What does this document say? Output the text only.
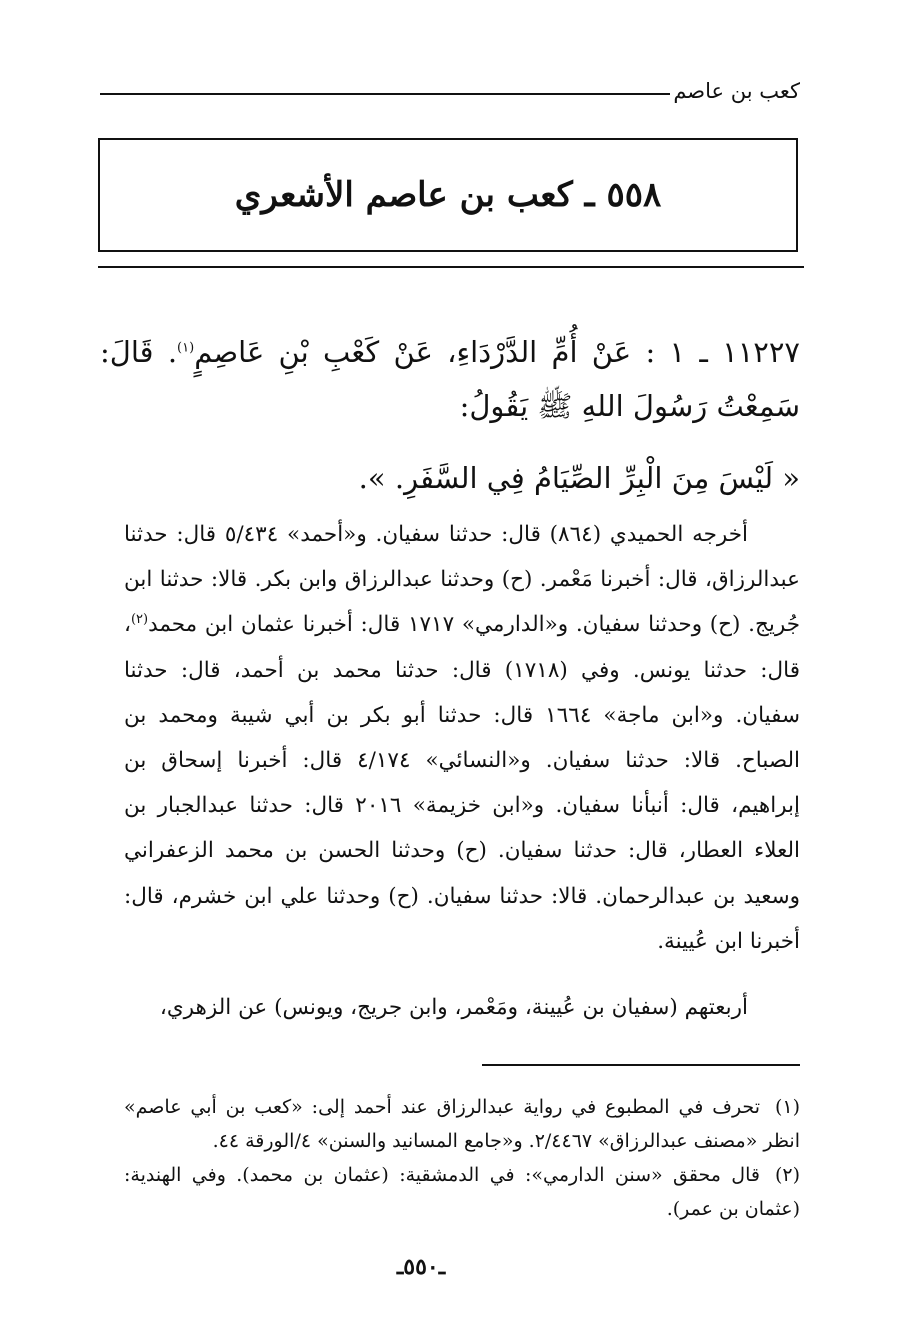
كعب بن عاصم
٥٥٨ ـ كعب بن عاصم الأشعري
١١٢٢٧ ـ ١ : عَنْ أُمِّ الدَّرْدَاءِ، عَنْ كَعْبِ بْنِ عَاصِمٍ$^{(١)}$. قَالَ:
سَمِعْتُ رَسُولَ اللهِ ﷺ يَقُولُ:
« لَيْسَ مِنَ الْبِرِّ الصِّيَامُ فِي السَّفَرِ. ».

أخرجه الحميدي (٨٦٤) قال: حدثنا سفيان. و«أحمد» ٥/٤٣٤ قال: حدثنا عبدالرزاق، قال: أخبرنا مَعْمر. (ح) وحدثنا عبدالرزاق وابن بكر. قالا: حدثنا ابن جُريج. (ح) وحدثنا سفيان. و«الدارمي» ١٧١٧ قال: أخبرنا عثمان ابن محمد$^{(٢)}$، قال: حدثنا يونس. وفي (١٧١٨) قال: حدثنا محمد بن أحمد، قال: حدثنا سفيان. و«ابن ماجة» ١٦٦٤ قال: حدثنا أبو بكر بن أبي شيبة ومحمد بن الصباح. قالا: حدثنا سفيان. و«النسائي» ٤/١٧٤ قال: أخبرنا إسحاق بن إبراهيم، قال: أنبأنا سفيان. و«ابن خزيمة» ٢٠١٦ قال: حدثنا عبدالجبار بن العلاء العطار، قال: حدثنا سفيان. (ح) وحدثنا الحسن بن محمد الزعفراني وسعيد بن عبدالرحمان. قالا: حدثنا سفيان. (ح) وحدثنا علي ابن خشرم، قال: أخبرنا ابن عُيينة.

أربعتهم (سفيان بن عُيينة، ومَعْمر، وابن جريج، ويونس) عن الزهري،

(١)تحرف في المطبوع في رواية عبدالرزاق عند أحمد إلى: «كعب بن أبي عاصم» انظر «مصنف عبدالرزاق» ٢/٤٤٦٧. و«جامع المسانيد والسنن» ٤/الورقة ٤٤.

(٢)قال محقق «سنن الدارمي»: في الدمشقية: (عثمان بن محمد). وفي الهندية: (عثمان بن عمر).

ـ٥٥٠ـ
